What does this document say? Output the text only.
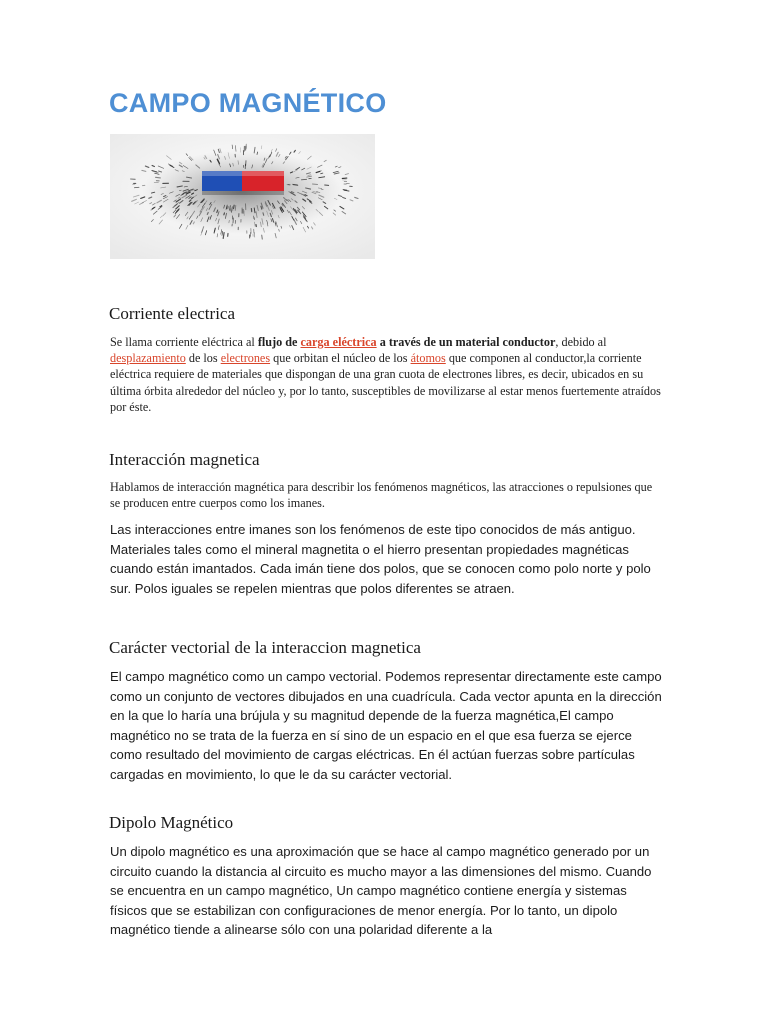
CAMPO MAGNÉTICO
Corriente electrica

Se llama corriente eléctrica al flujo de carga eléctrica a través de un material conductor, debido al desplazamiento de los electrones que orbitan el núcleo de los átomos que componen al conductor,la corriente eléctrica requiere de materiales que dispongan de una gran cuota de electrones libres, es decir, ubicados en su última órbita alrededor del núcleo y, por lo tanto, susceptibles de movilizarse al estar menos fuertemente atraídos por éste.

Interacción magnetica

Hablamos de interacción magnética para describir los fenómenos magnéticos, las atracciones o repulsiones que se producen entre cuerpos como los imanes.

Las interacciones entre imanes son los fenómenos de este tipo conocidos de más antiguo. Materiales tales como el mineral magnetita o el hierro presentan propiedades magnéticas cuando están imantados. Cada imán tiene dos polos, que se conocen como polo norte y polo sur. Polos iguales se repelen mientras que polos diferentes se atraen.

Carácter vectorial de la interaccion magnetica

El campo magnético como un campo vectorial. Podemos representar directamente este campo como un conjunto de vectores dibujados en una cuadrícula. Cada vector apunta en la dirección en la que lo haría una brújula y su magnitud depende de la fuerza magnética,El campo magnético no se trata de la fuerza en sí sino de un espacio en el que esa fuerza se ejerce como resultado del movimiento de cargas eléctricas. En él actúan fuerzas sobre partículas cargadas en movimiento, lo que le da su carácter vectorial.

Dipolo Magnético

Un dipolo magnético es una aproximación que se hace al campo magnético generado por un circuito cuando la distancia al circuito es mucho mayor a las dimensiones del mismo. Cuando se encuentra en un campo magnético, Un campo magnético contiene energía y sistemas físicos que se estabilizan con configuraciones de menor energía. Por lo tanto, un dipolo magnético tiende a alinearse sólo con una polaridad diferente a la
